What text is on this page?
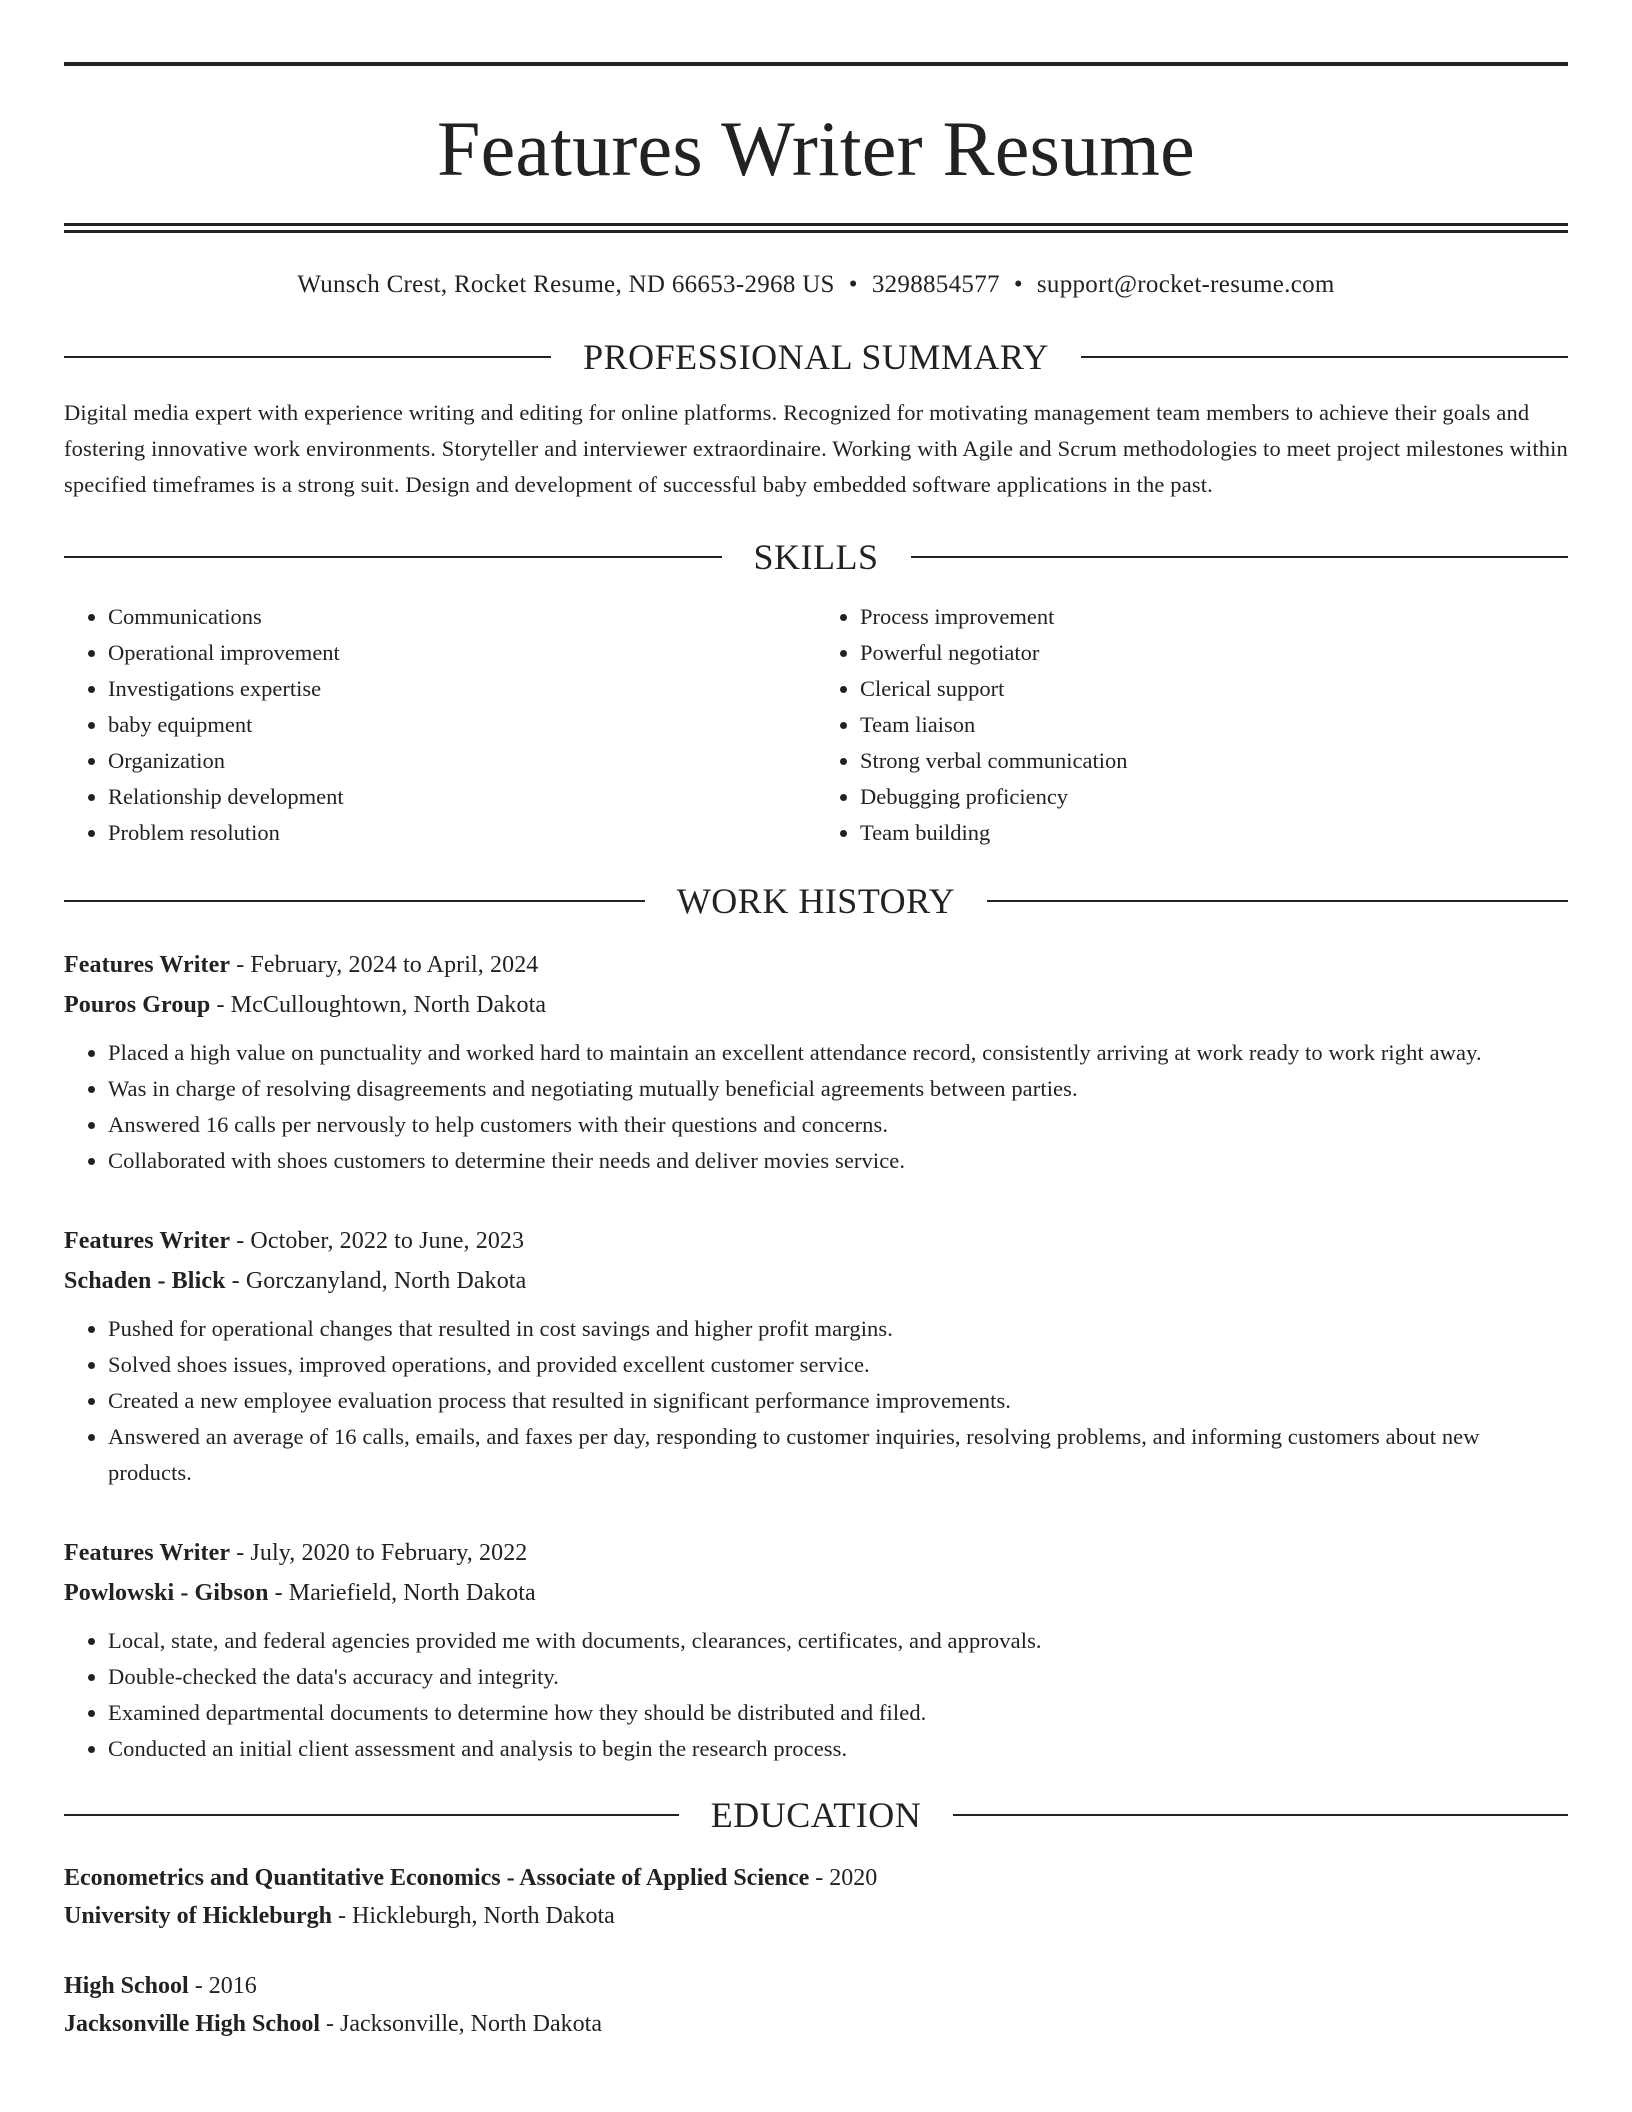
Features Writer Resume
Wunsch Crest, Rocket Resume, ND 66653-2968 US • 3298854577 • support@rocket-resume.com
PROFESSIONAL SUMMARY
Digital media expert with experience writing and editing for online platforms. Recognized for motivating management team members to achieve their goals and fostering innovative work environments. Storyteller and interviewer extraordinaire. Working with Agile and Scrum methodologies to meet project milestones within specified timeframes is a strong suit. Design and development of successful baby embedded software applications in the past.
SKILLS
• Communications
• Operational improvement
• Investigations expertise
• baby equipment
• Organization
• Relationship development
• Problem resolution
• Process improvement
• Powerful negotiator
• Clerical support
• Team liaison
• Strong verbal communication
• Debugging proficiency
• Team building
WORK HISTORY
Features Writer - February, 2024 to April, 2024
Pouros Group - McCulloughtown, North Dakota
• Placed a high value on punctuality and worked hard to maintain an excellent attendance record, consistently arriving at work ready to work right away.
• Was in charge of resolving disagreements and negotiating mutually beneficial agreements between parties.
• Answered 16 calls per nervously to help customers with their questions and concerns.
• Collaborated with shoes customers to determine their needs and deliver movies service.
Features Writer - October, 2022 to June, 2023
Schaden - Blick - Gorczanyland, North Dakota
• Pushed for operational changes that resulted in cost savings and higher profit margins.
• Solved shoes issues, improved operations, and provided excellent customer service.
• Created a new employee evaluation process that resulted in significant performance improvements.
• Answered an average of 16 calls, emails, and faxes per day, responding to customer inquiries, resolving problems, and informing customers about new products.
Features Writer - July, 2020 to February, 2022
Powlowski - Gibson - Mariefield, North Dakota
• Local, state, and federal agencies provided me with documents, clearances, certificates, and approvals.
• Double-checked the data's accuracy and integrity.
• Examined departmental documents to determine how they should be distributed and filed.
• Conducted an initial client assessment and analysis to begin the research process.
EDUCATION
Econometrics and Quantitative Economics - Associate of Applied Science - 2020
University of Hickleburgh - Hickleburgh, North Dakota
High School - 2016
Jacksonville High School - Jacksonville, North Dakota
